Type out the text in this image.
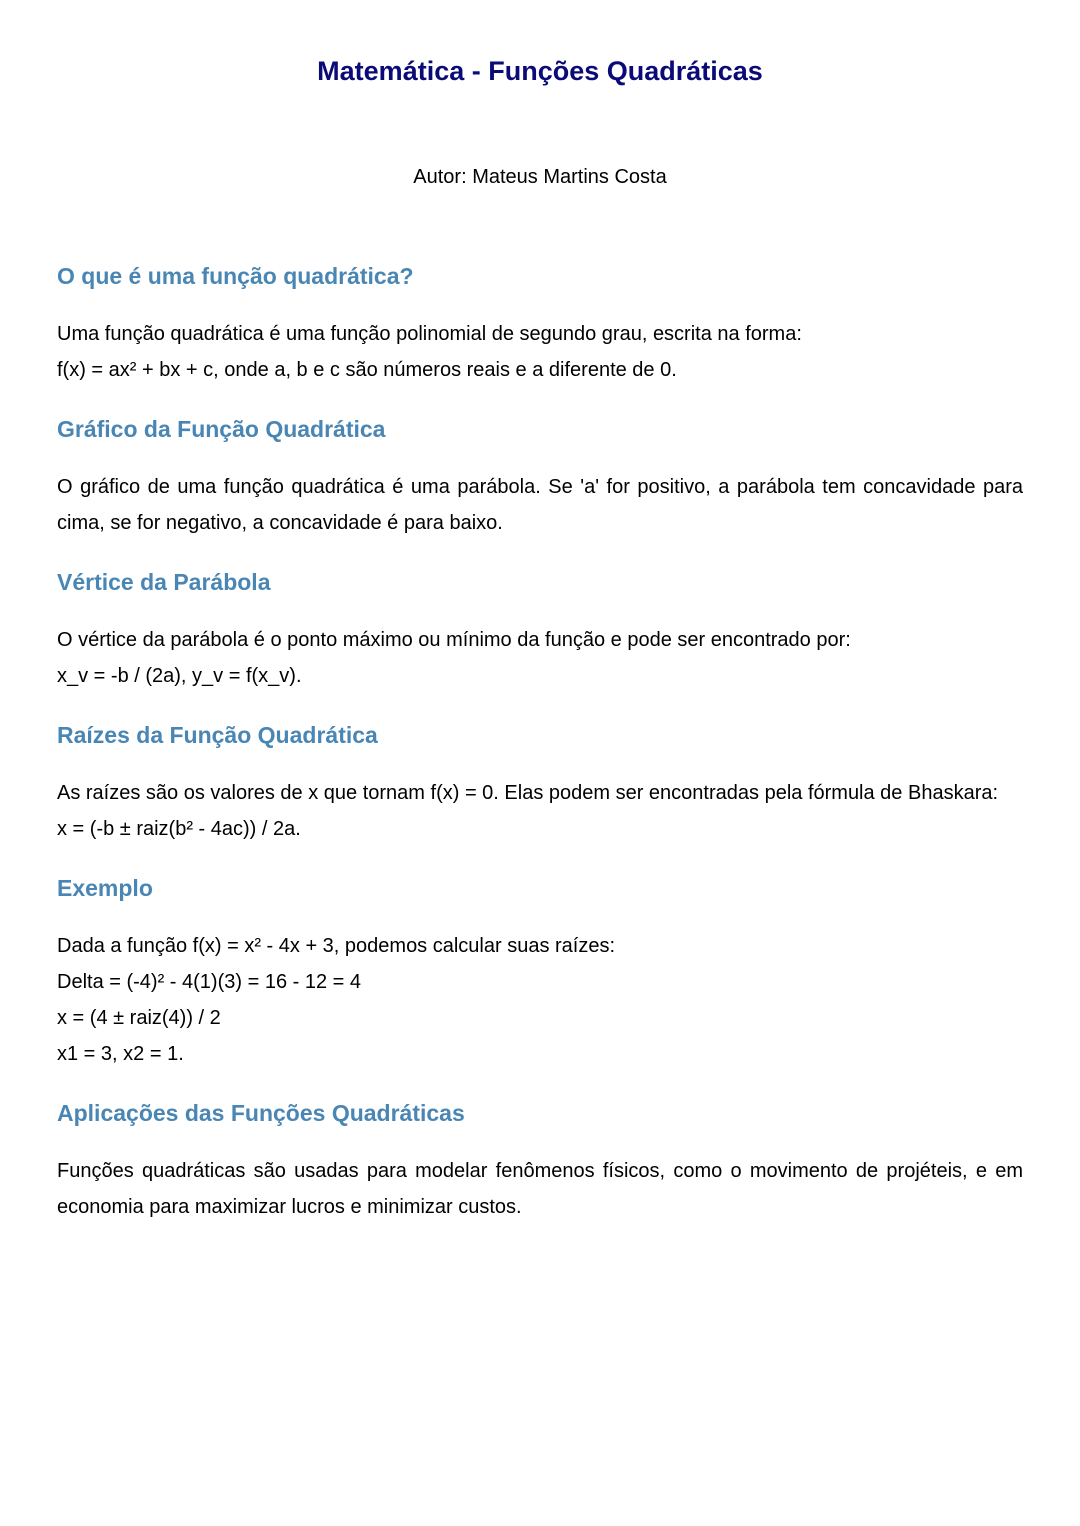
Matemática - Funções Quadráticas

Autor: Mateus Martins Costa

O que é uma função quadrática?
Uma função quadrática é uma função polinomial de segundo grau, escrita na forma:
f(x) = ax² + bx + c, onde a, b e c são números reais e a diferente de 0.
Gráfico da Função Quadrática
O gráfico de uma função quadrática é uma parábola. Se 'a' for positivo, a parábola tem concavidade para cima, se for negativo, a concavidade é para baixo.
Vértice da Parábola
O vértice da parábola é o ponto máximo ou mínimo da função e pode ser encontrado por:
x_v = -b / (2a), y_v = f(x_v).
Raízes da Função Quadrática
As raízes são os valores de x que tornam f(x) = 0. Elas podem ser encontradas pela fórmula de Bhaskara:
x = (-b ± raiz(b² - 4ac)) / 2a.
Exemplo
Dada a função f(x) = x² - 4x + 3, podemos calcular suas raízes:
Delta = (-4)² - 4(1)(3) = 16 - 12 = 4
x = (4 ± raiz(4)) / 2
x1 = 3, x2 = 1.
Aplicações das Funções Quadráticas
Funções quadráticas são usadas para modelar fenômenos físicos, como o movimento de projéteis, e em economia para maximizar lucros e minimizar custos.
